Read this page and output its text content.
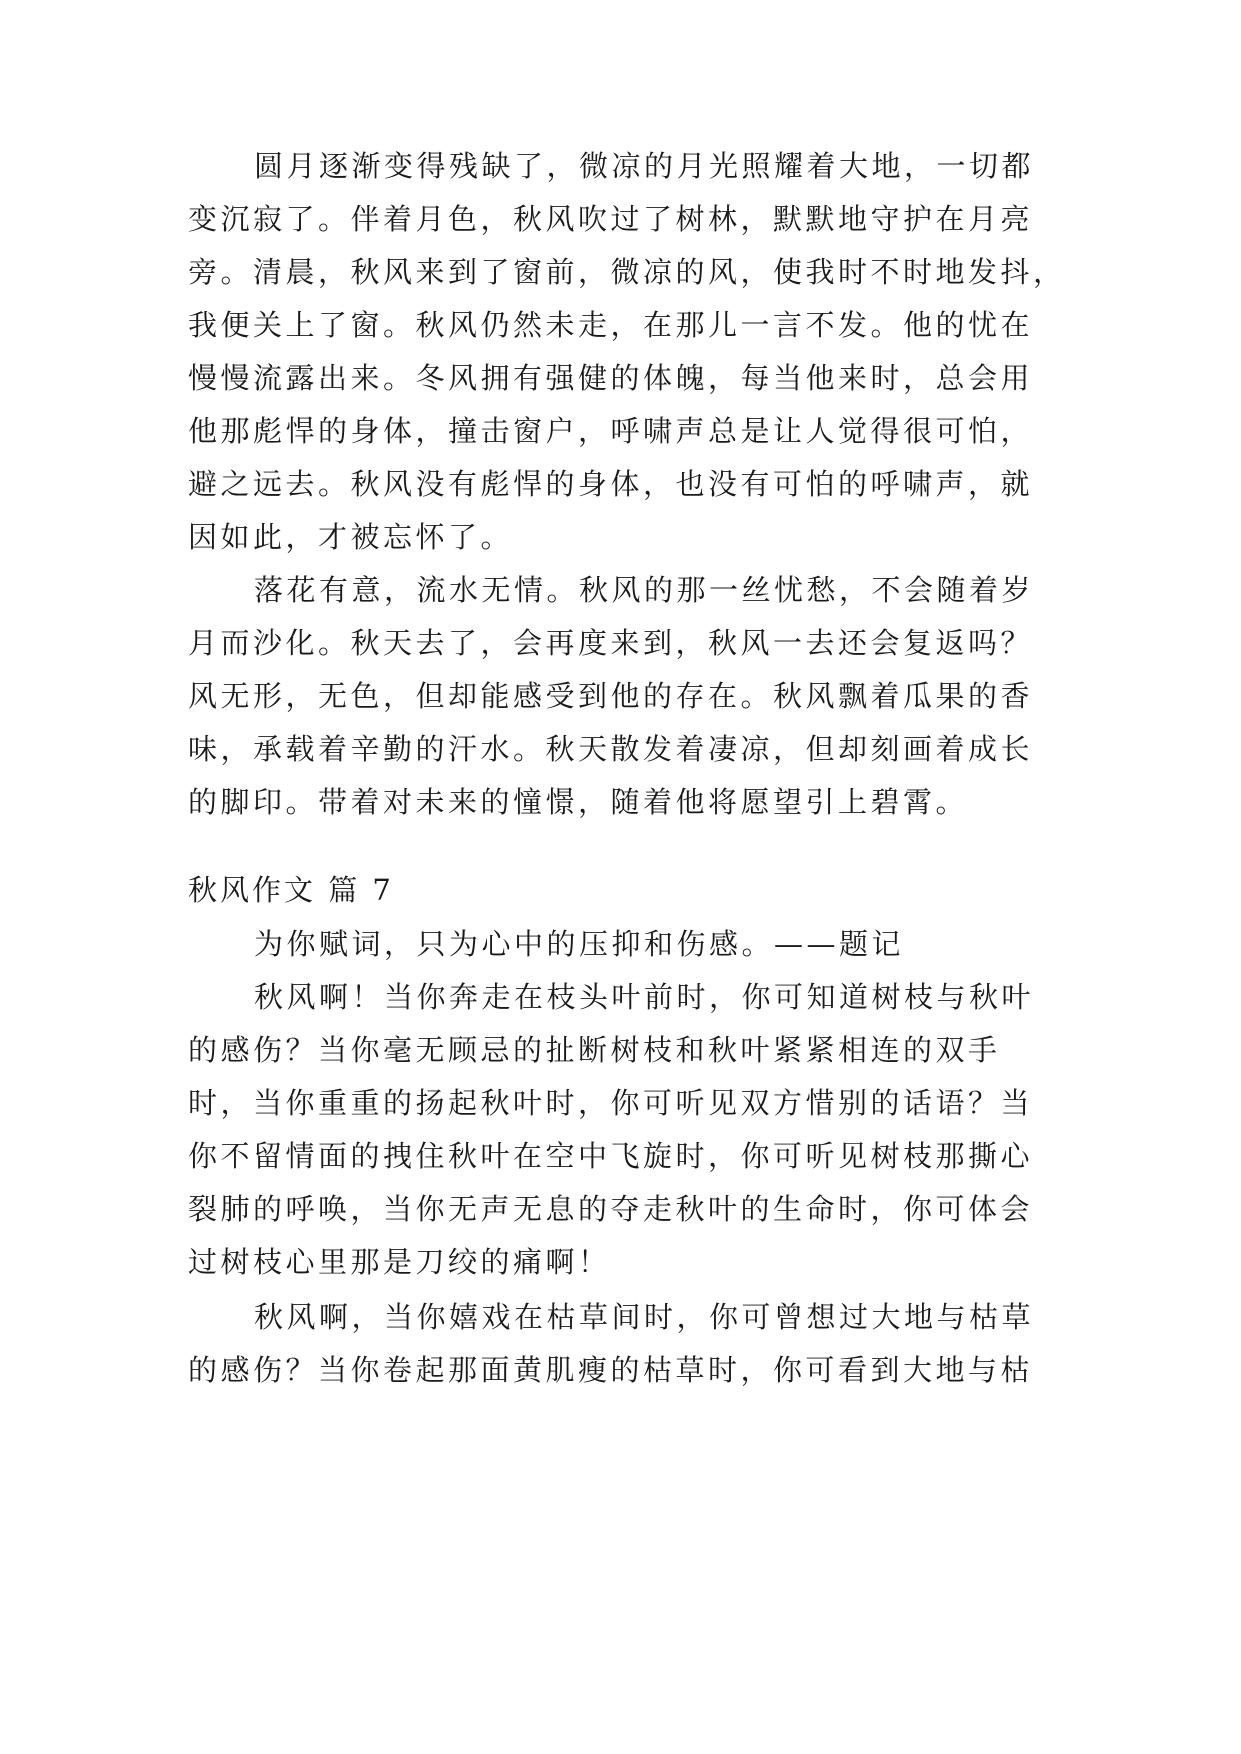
圆月逐渐变得残缺了，微凉的月光照耀着大地，一切都
变沉寂了。伴着月色，秋风吹过了树林，默默地守护在月亮
旁。清晨，秋风来到了窗前，微凉的风，使我时不时地发抖，
我便关上了窗。秋风仍然未走，在那儿一言不发。他的忧在
慢慢流露出来。冬风拥有强健的体魄，每当他来时，总会用
他那彪悍的身体，撞击窗户，呼啸声总是让人觉得很可怕，
避之远去。秋风没有彪悍的身体，也没有可怕的呼啸声，就
因如此，才被忘怀了。
落花有意，流水无情。秋风的那一丝忧愁，不会随着岁
月而沙化。秋天去了，会再度来到，秋风一去还会复返吗？
风无形，无色，但却能感受到他的存在。秋风飘着瓜果的香
味，承载着辛勤的汗水。秋天散发着凄凉，但却刻画着成长
的脚印。带着对未来的憧憬，随着他将愿望引上碧霄。
秋风作文 篇 7
为你赋词，只为心中的压抑和伤感。——题记
秋风啊！当你奔走在枝头叶前时，你可知道树枝与秋叶
的感伤？当你毫无顾忌的扯断树枝和秋叶紧紧相连的双手
时，当你重重的扬起秋叶时，你可听见双方惜别的话语？当
你不留情面的拽住秋叶在空中飞旋时，你可听见树枝那撕心
裂肺的呼唤，当你无声无息的夺走秋叶的生命时，你可体会
过树枝心里那是刀绞的痛啊！
秋风啊，当你嬉戏在枯草间时，你可曾想过大地与枯草
的感伤？当你卷起那面黄肌瘦的枯草时，你可看到大地与枯
